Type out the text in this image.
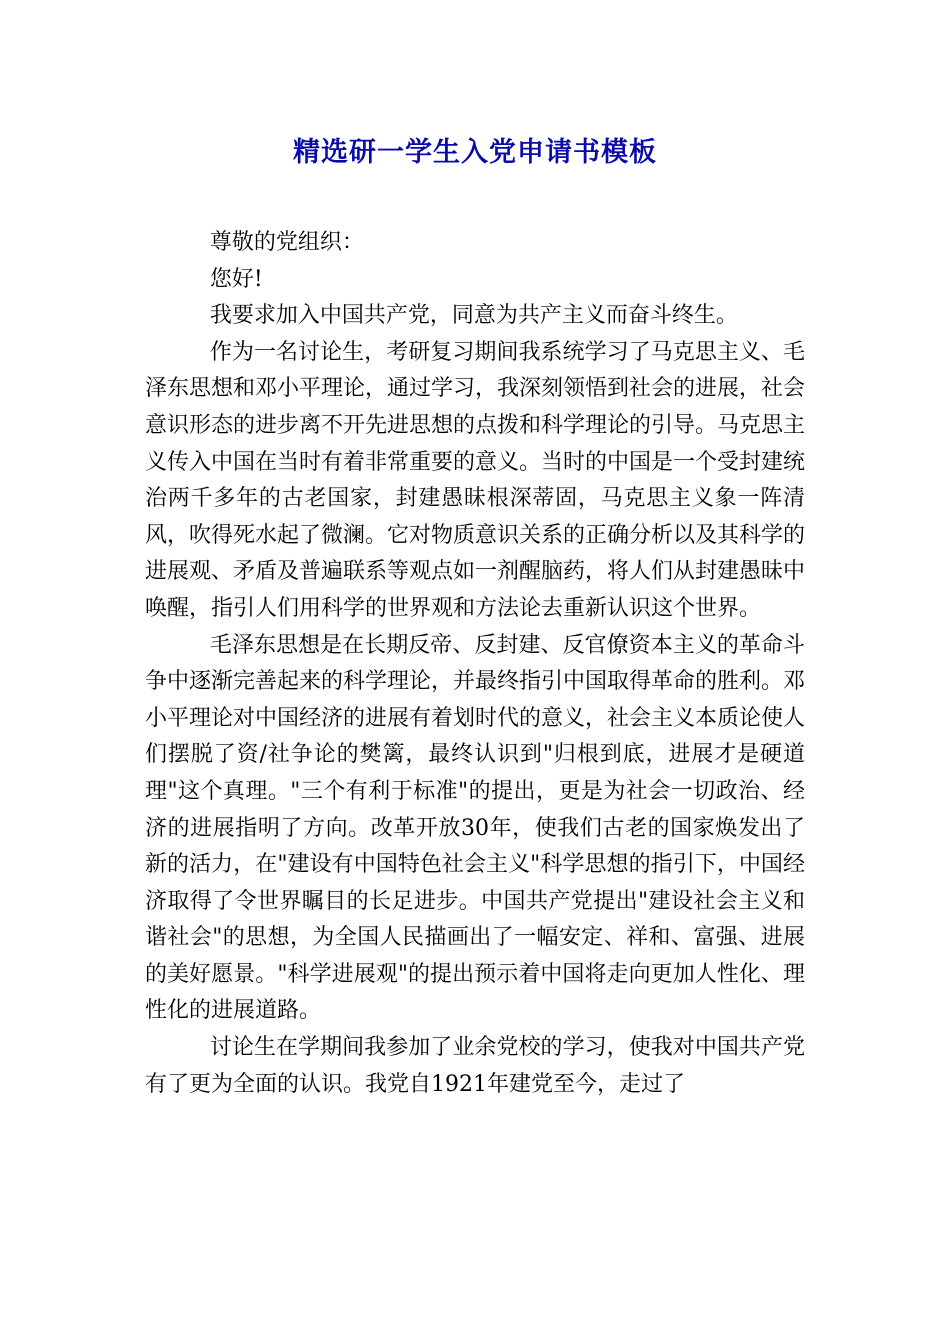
精选研一学生入党申请书模板

尊敬的党组织：

您好!

我要求加入中国共产党，同意为共产主义而奋斗终生。

作为一名讨论生，考研复习期间我系统学习了马克思主义、毛泽东思想和邓小平理论，通过学习，我深刻领悟到社会的进展，社会意识形态的进步离不开先进思想的点拨和科学理论的引导。马克思主义传入中国在当时有着非常重要的意义。当时的中国是一个受封建统治两千多年的古老国家，封建愚昧根深蒂固，马克思主义象一阵清风，吹得死水起了微澜。它对物质意识关系的正确分析以及其科学的进展观、矛盾及普遍联系等观点如一剂醒脑药，将人们从封建愚昧中唤醒，指引人们用科学的世界观和方法论去重新认识这个世界。

毛泽东思想是在长期反帝、反封建、反官僚资本主义的革命斗争中逐渐完善起来的科学理论，并最终指引中国取得革命的胜利。邓小平理论对中国经济的进展有着划时代的意义，社会主义本质论使人们摆脱了资/社争论的樊篱，最终认识到"归根到底，进展才是硬道理"这个真理。"三个有利于标准"的提出，更是为社会一切政治、经济的进展指明了方向。改革开放30年，使我们古老的国家焕发出了新的活力，在"建设有中国特色社会主义"科学思想的指引下，中国经济取得了令世界瞩目的长足进步。中国共产党提出"建设社会主义和谐社会"的思想，为全国人民描画出了一幅安定、祥和、富强、进展的美好愿景。"科学进展观"的提出预示着中国将走向更加人性化、理性化的进展道路。

讨论生在学期间我参加了业余党校的学习，使我对中国共产党有了更为全面的认识。我党自1921年建党至今，走过了
